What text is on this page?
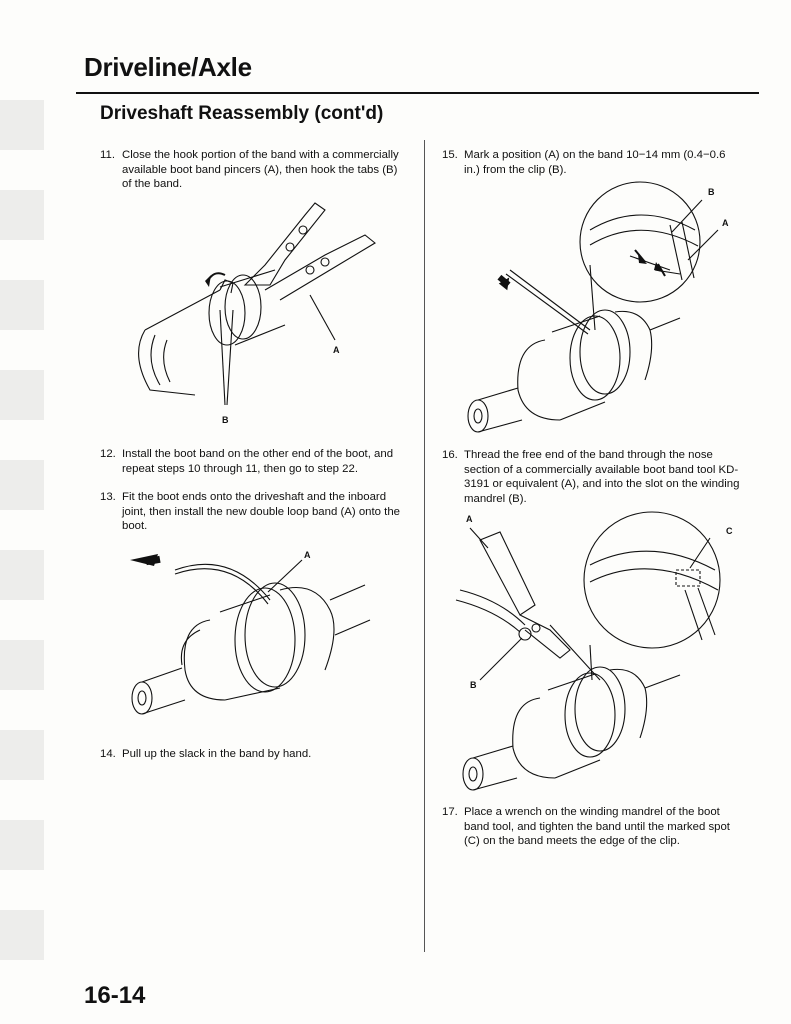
Driveline/Axle
Driveshaft Reassembly (cont'd)
11. Close the hook portion of the band with a commercially available boot band pincers (A), then hook the tabs (B) of the band.
A
B
12. Install the boot band on the other end of the boot, and repeat steps 10 through 11, then go to step 22.
13. Fit the boot ends onto the driveshaft and the inboard joint, then install the new double loop band (A) onto the boot.
A
14. Pull up the slack in the band by hand.
15. Mark a position (A) on the band 10−14 mm (0.4−0.6 in.) from the clip (B).
B
A
16. Thread the free end of the band through the nose section of a commercially available boot band tool KD-3191 or equivalent (A), and into the slot on the winding mandrel (B).
A
B
C
17. Place a wrench on the winding mandrel of the boot band tool, and tighten the band until the marked spot (C) on the band meets the edge of the clip.

16-14
